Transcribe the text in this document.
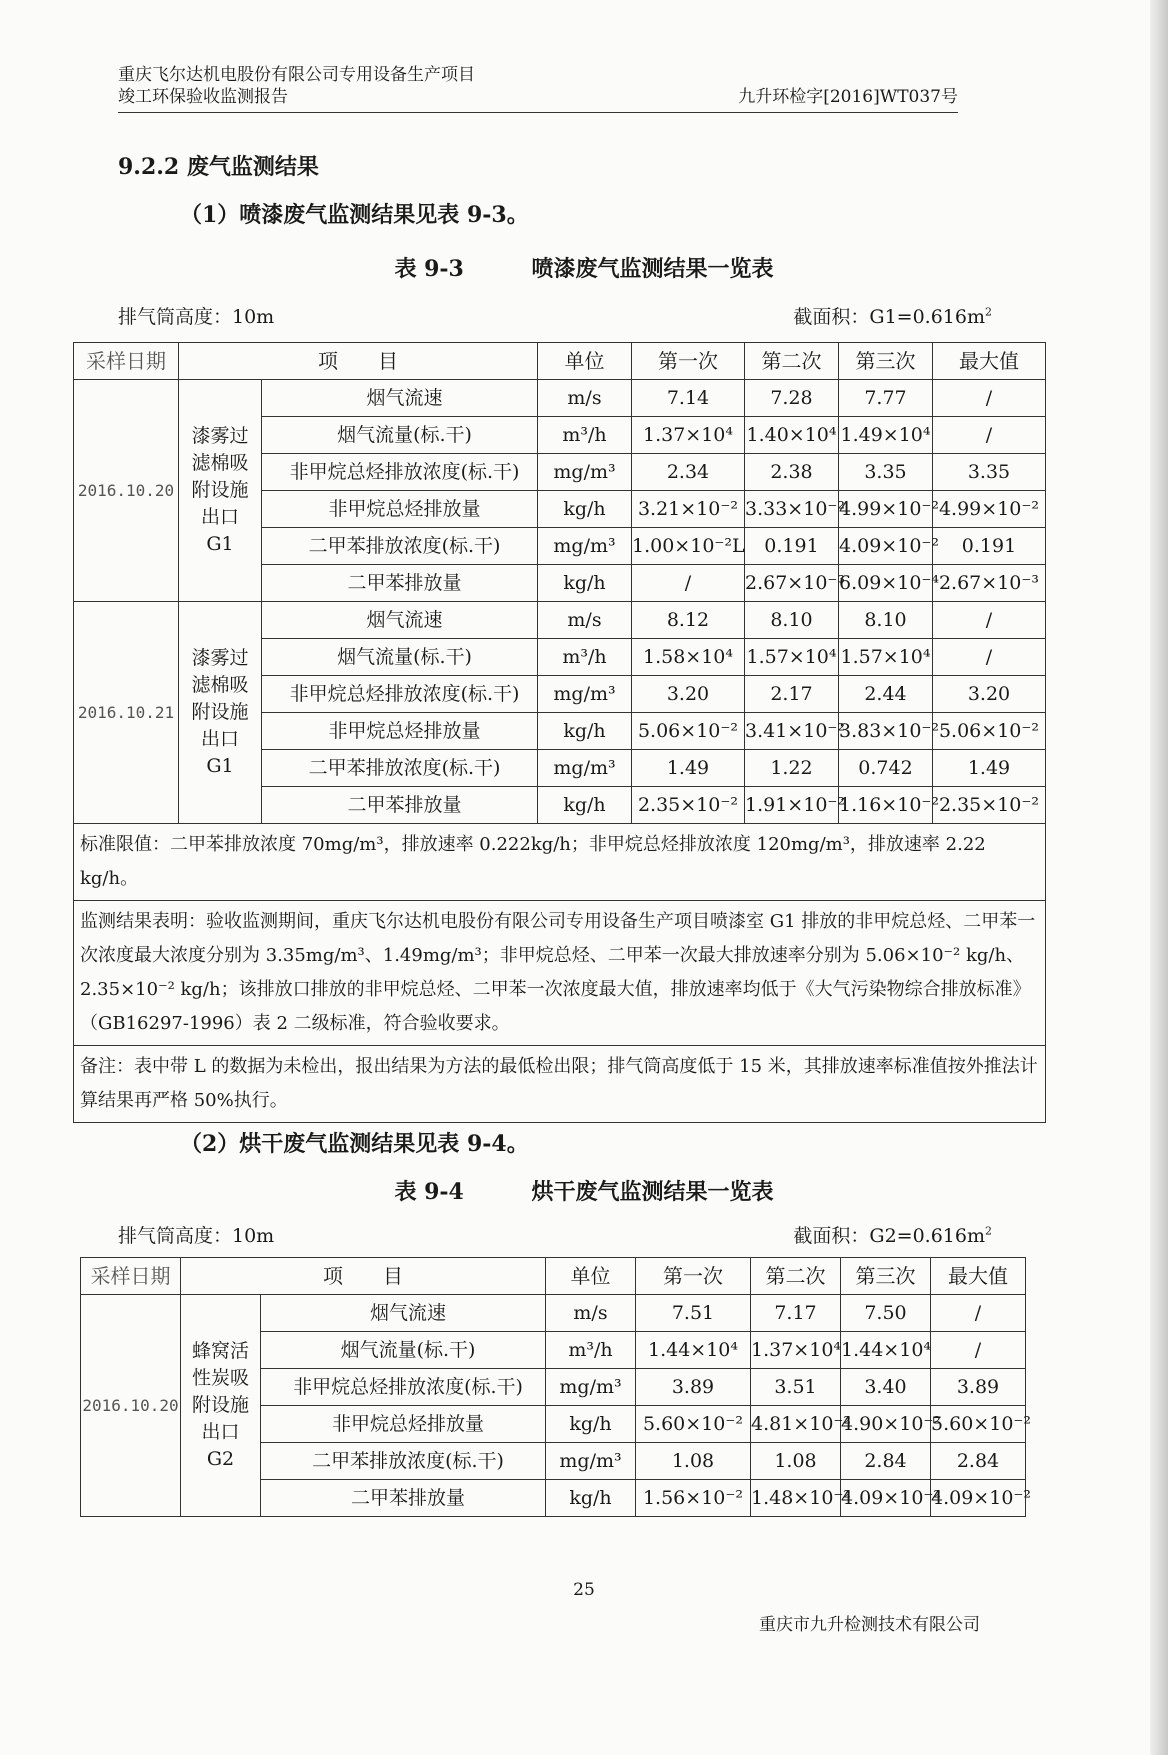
重庆飞尔达机电股份有限公司专用设备生产项目
竣工环保验收监测报告	九升环检字[2016]WT037号
9.2.2 废气监测结果
（1）喷漆废气监测结果见表 9-3。
表 9-3	喷漆废气监测结果一览表
排气筒高度：10m	截面积：$G1=0.616m^2$
采样日期	项　　目		单位	第一次	第二次	第三次	最大值
2016.10.20	漆雾过滤棉吸附设施出口 G1	烟气流速	m/s	7.14	7.28	7.77	/
		烟气流量(标.干)	m³/h	1.37×10⁴	1.40×10⁴	1.49×10⁴	/
		非甲烷总烃排放浓度(标.干)	mg/m³	2.34	2.38	3.35	3.35
		非甲烷总烃排放量	kg/h	3.21×10⁻²	3.33×10⁻²	4.99×10⁻²	4.99×10⁻²
		二甲苯排放浓度(标.干)	mg/m³	1.00×10⁻²L	0.191	4.09×10⁻²	0.191
		二甲苯排放量	kg/h	/	2.67×10⁻³	6.09×10⁻⁴	2.67×10⁻³
2016.10.21	漆雾过滤棉吸附设施出口 G1	烟气流速	m/s	8.12	8.10	8.10	/
		烟气流量(标.干)	m³/h	1.58×10⁴	1.57×10⁴	1.57×10⁴	/
		非甲烷总烃排放浓度(标.干)	mg/m³	3.20	2.17	2.44	3.20
		非甲烷总烃排放量	kg/h	5.06×10⁻²	3.41×10⁻²	3.83×10⁻²	5.06×10⁻²
		二甲苯排放浓度(标.干)	mg/m³	1.49	1.22	0.742	1.49
		二甲苯排放量	kg/h	2.35×10⁻²	1.91×10⁻²	1.16×10⁻²	2.35×10⁻²
标准限值：二甲苯排放浓度 70mg/m³，排放速率 0.222kg/h；非甲烷总烃排放浓度 120mg/m³，排放速率 2.22 kg/h。							
监测结果表明：验收监测期间，重庆飞尔达机电股份有限公司专用设备生产项目喷漆室 G1 排放的非甲烷总烃、二甲苯一次浓度最大浓度分别为 3.35mg/m³、1.49mg/m³；非甲烷总烃、二甲苯一次最大排放速率分别为 5.06×10⁻² kg/h、2.35×10⁻² kg/h；该排放口排放的非甲烷总烃、二甲苯一次浓度最大值，排放速率均低于《大气污染物综合排放标准》（GB16297-1996）表 2 二级标准，符合验收要求。							
备注：表中带 L 的数据为未检出，报出结果为方法的最低检出限；排气筒高度低于 15 米，其排放速率标准值按外推法计算结果再严格 50%执行。							
（2）烘干废气监测结果见表 9-4。
表 9-4	烘干废气监测结果一览表
排气筒高度：10m	截面积：$G2=0.616m^2$
采样日期	项　　目		单位	第一次	第二次	第三次	最大值
2016.10.20	蜂窝活性炭吸附设施出口 G2	烟气流速	m/s	7.51	7.17	7.50	/
		烟气流量(标.干)	m³/h	1.44×10⁴	1.37×10⁴	1.44×10⁴	/
		非甲烷总烃排放浓度(标.干)	mg/m³	3.89	3.51	3.40	3.89
		非甲烷总烃排放量	kg/h	5.60×10⁻²	4.81×10⁻²	4.90×10⁻²	5.60×10⁻²
		二甲苯排放浓度(标.干)	mg/m³	1.08	1.08	2.84	2.84
		二甲苯排放量	kg/h	1.56×10⁻²	1.48×10⁻²	4.09×10⁻²	4.09×10⁻²
25
重庆市九升检测技术有限公司
